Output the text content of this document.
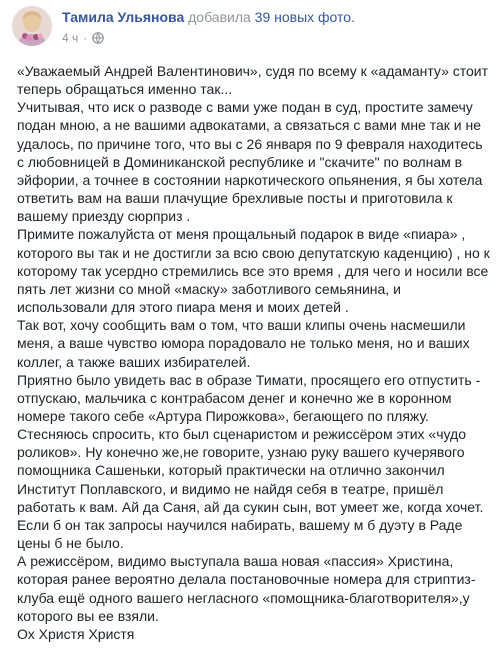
Тамила Ульянова добавила 39 новых фото.
4 ч ·

«Уважаемый Андрей Валентинович», судя по всему к «адаманту» стоит
теперь обращаться именно так...
Учитывая, что иск о разводе с вами уже подан в суд, простите замечу
подан мною, а не вашими адвокатами, а связаться с вами мне так и не
удалось, по причине того, что вы с 26 января по 9 февраля находитесь
с любовницей в Доминиканской республике и "скачите" по волнам в
эйфории, а точнее в состоянии наркотического опьянения, я бы хотела
ответить вам на ваши плачущие брехливые посты и приготовила к
вашему приезду сюрприз .
Примите пожалуйста от меня прощальный подарок в виде «пиара» ,
которого вы так и не достигли за всю свою депутатскую каденцию) , но к
которому так усердно стремились все это время , для чего и носили все
пять лет жизни со мной «маску» заботливого семьянина, и
использовали для этого пиара меня и моих детей .
Так вот, хочу сообщить вам о том, что ваши клипы очень насмешили
меня, а ваше чувство юмора порадовало не только меня, но и ваших
коллег, а также ваших избирателей.
Приятно было увидеть вас в образе Тимати, просящего его отпустить -
отпускаю, мальчика с контрабасом денег и конечно же в коронном
номере такого себе «Артура Пирожкова», бегающего по пляжу.
Стесняюсь спросить, кто был сценаристом и режиссёром этих «чудо
роликов». Ну конечно же,не говорите, узнаю руку вашего кучерявого
помощника Сашеньки, который практически на отлично закончил
Институт Поплавского, и видимо не найдя себя в театре, пришёл
работать к вам. Ай да Саня, ай да сукин сын, вот умеет же, когда хочет.
Если б он так запросы научился набирать, вашему м б дуэту в Раде
цены б не было.
А режиссёром, видимо выступала ваша новая «пассия» Христина,
которая ранее вероятно делала постановочные номера для стриптиз-
клуба ещё одного вашего негласного «помощника-благотворителя»,у
которого вы ее взяли.
Ох Христя Христя
